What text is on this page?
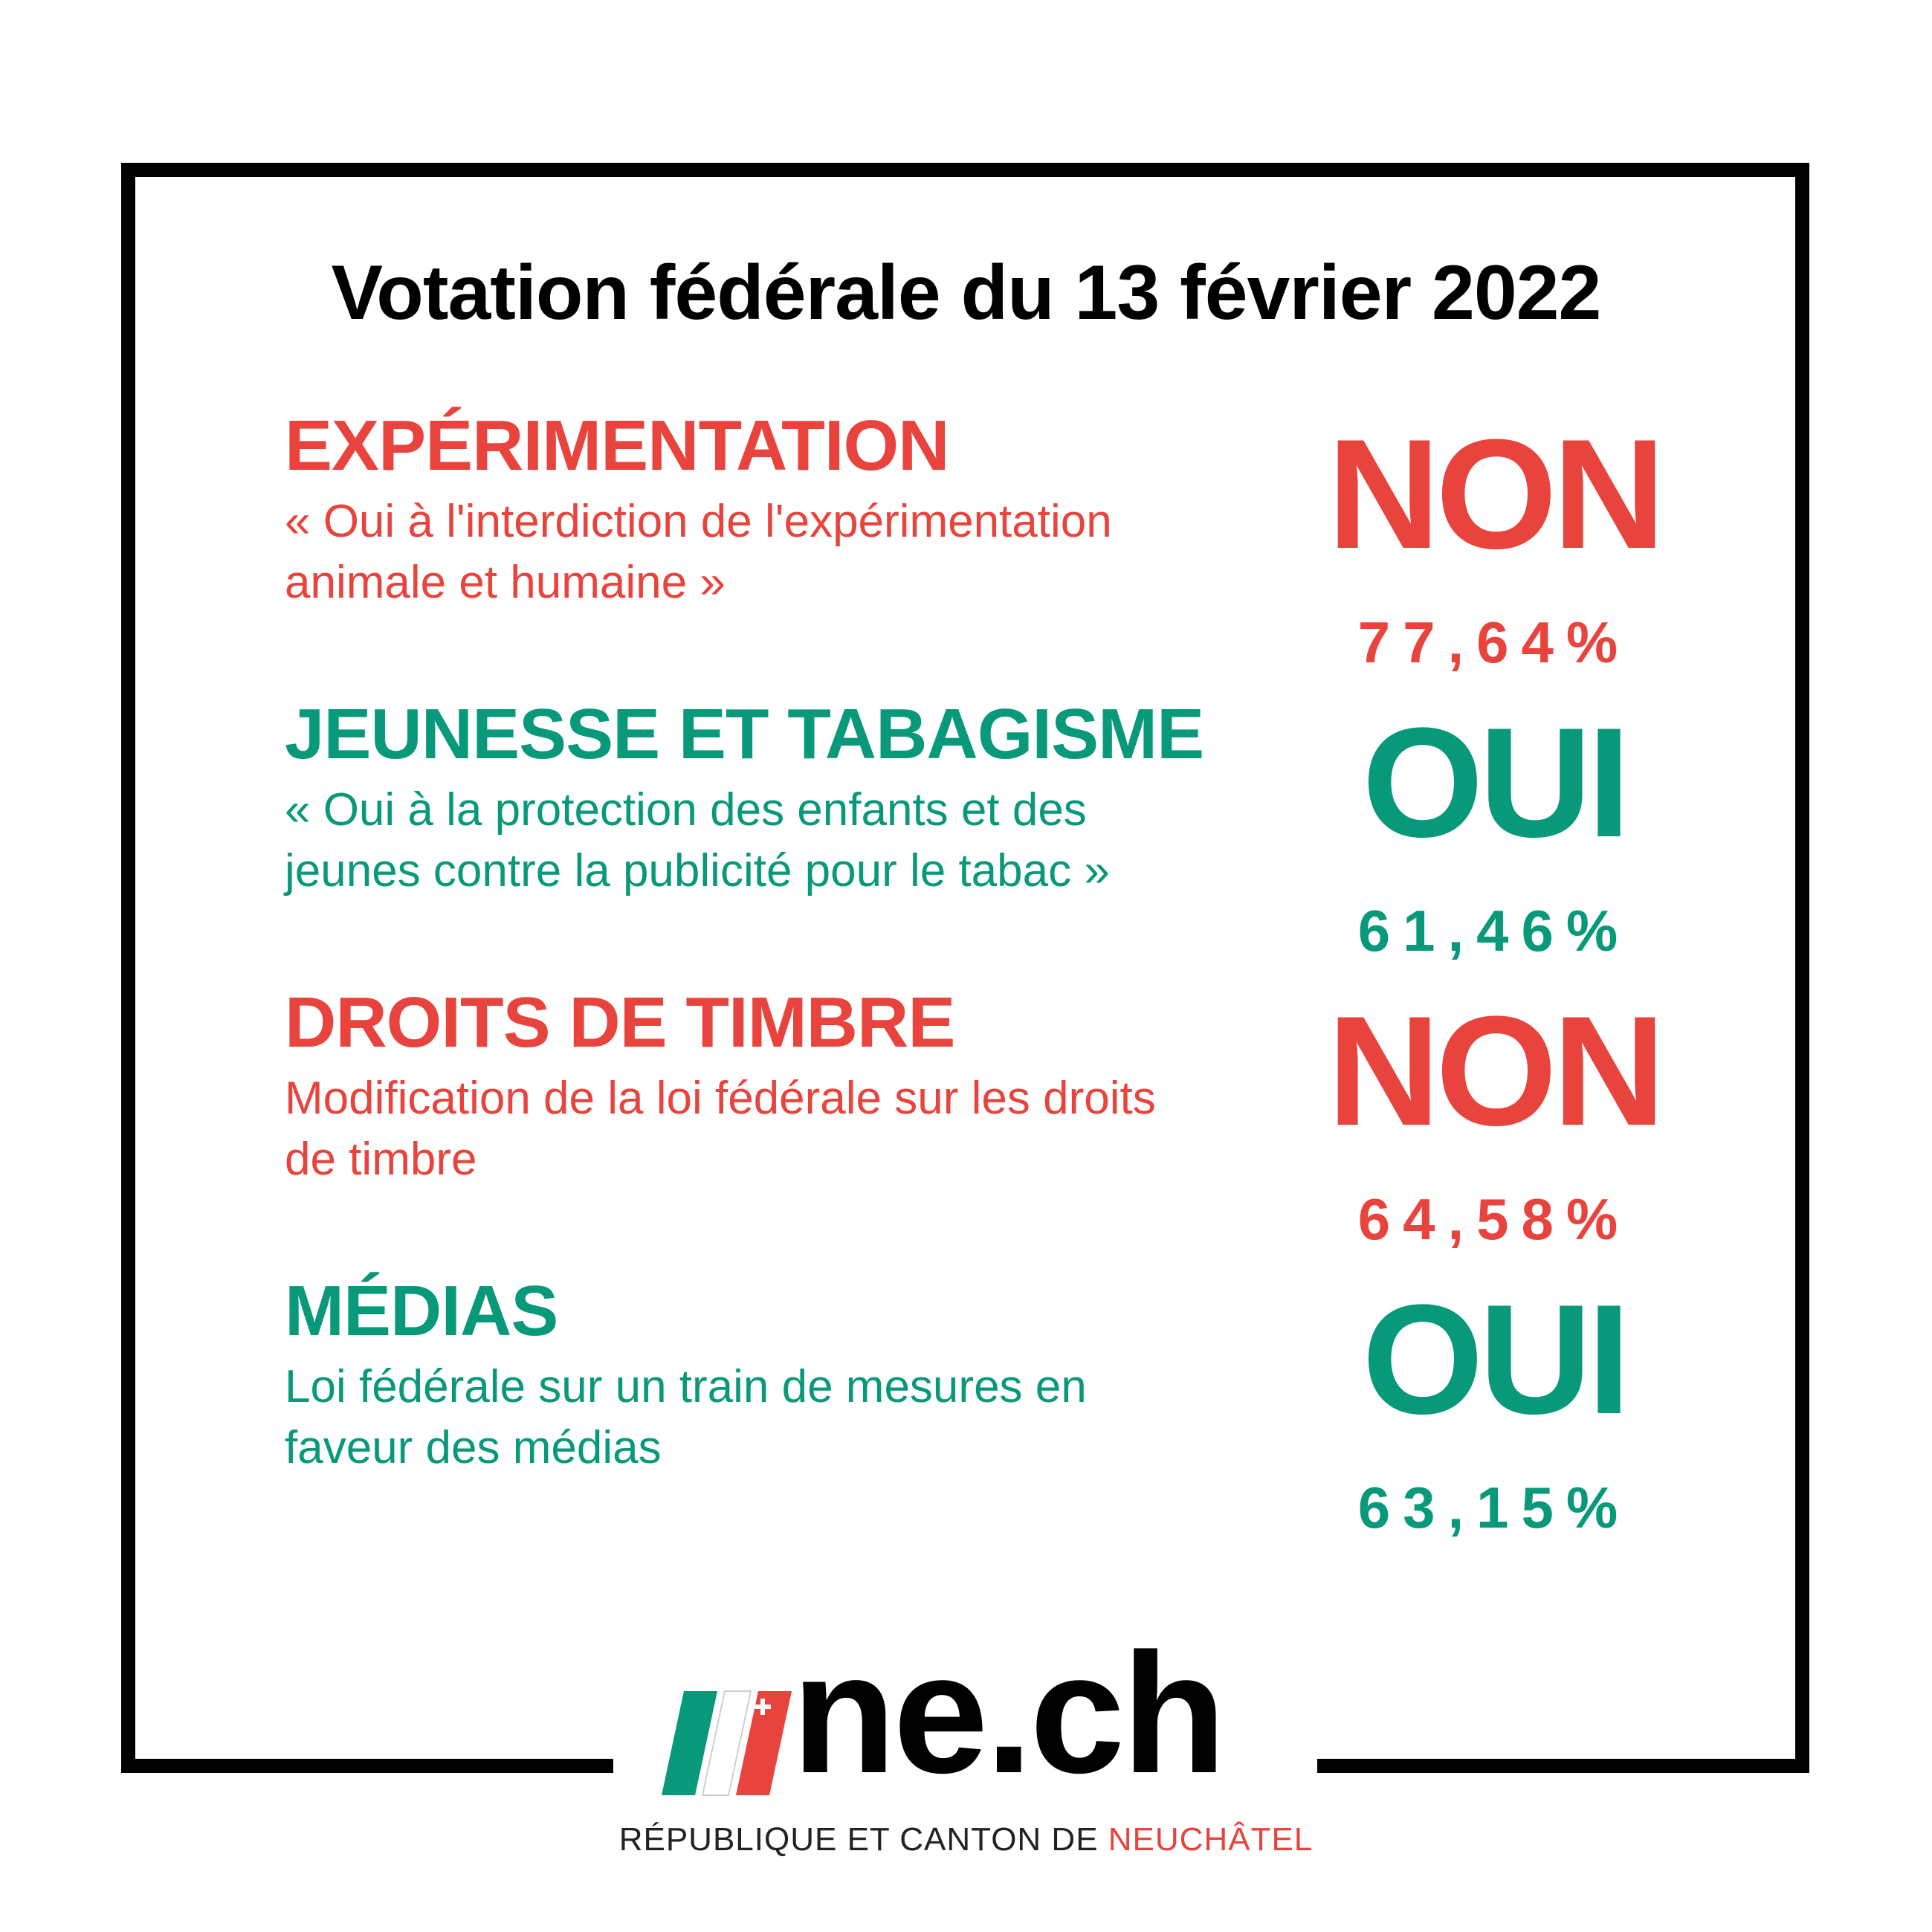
Votation fédérale du 13 février 2022
EXPÉRIMENTATION
« Oui à l'interdiction de l'expérimentation
animale et humaine »
NON
77,64%
JEUNESSE ET TABAGISME
« Oui à la protection des enfants et des
jeunes contre la publicité pour le tabac »
OUI
61,46%
DROITS DE TIMBRE
Modification de la loi fédérale sur les droits
de timbre
NON
64,58%
MÉDIAS
Loi fédérale sur un train de mesures en
faveur des médias
OUI
63,15%
ne.ch
RÉPUBLIQUE ET CANTON DE NEUCHÂTEL
